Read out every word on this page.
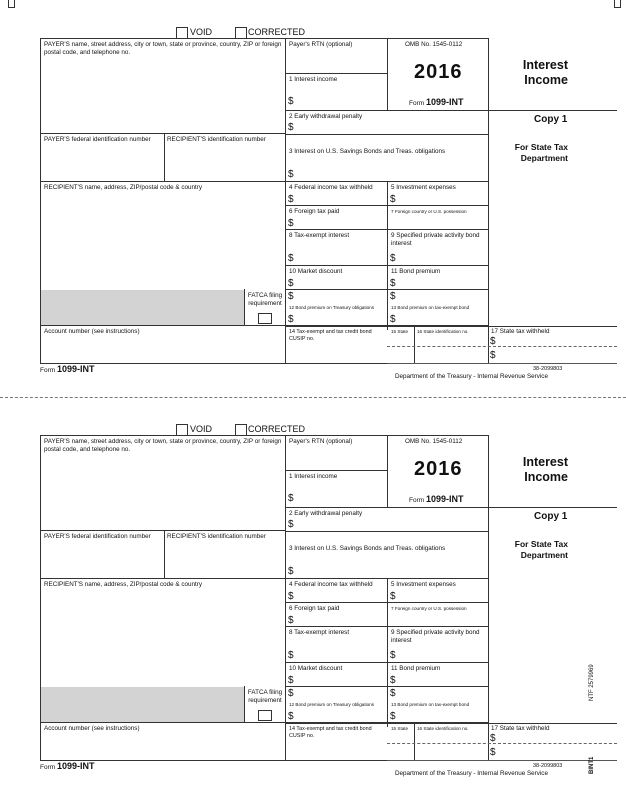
VOID	CORRECTED
PAYER'S name, street address, city or town, state or province, country, ZIP or foreign postal code, and telephone no.
Payer's RTN (optional)
1 Interest income
$
OMB No. 1545-0112
2016
Form 1099-INT
Interest Income
Copy 1
For State Tax Department
2 Early withdrawal penalty
$
3 Interest on U.S. Savings Bonds and Treas. obligations
$
PAYER'S federal identification number	RECIPIENT'S identification number
RECIPIENT'S name, address, ZIP/postal code & country	4 Federal income tax withheld
$
5 Investment expenses
$
6 Foreign tax paid
$
7 Foreign country or U.S. possession
8 Tax-exempt interest
$
9 Specified private activity bond interest
$
10 Market discount
$
11 Bond premium
$
$	$
12 Bond premium on Treasury obligations
$
13 Bond premium on tax-exempt bond
$
FATCA filing requirement
Account number (see instructions)	14 Tax-exempt and tax credit bond CUSIP no.
15 State 16 State identification no.	17 State tax withheld
$
$
Form 1099-INT	38-2099803
Department of the Treasury - Internal Revenue Service
VOID	CORRECTED
PAYER'S name, street address, city or town, state or province, country, ZIP or foreign postal code, and telephone no.
Payer's RTN (optional)
1 Interest income
$
OMB No. 1545-0112
2016
Form 1099-INT
Interest Income
Copy 1
For State Tax Department
2 Early withdrawal penalty
$
3 Interest on U.S. Savings Bonds and Treas. obligations
$
PAYER'S federal identification number	RECIPIENT'S identification number
RECIPIENT'S name, address, ZIP/postal code & country	4 Federal income tax withheld
$
5 Investment expenses
$
6 Foreign tax paid
$
7 Foreign country or U.S. possession
8 Tax-exempt interest
$
9 Specified private activity bond interest
$
10 Market discount
$
11 Bond premium
$
$	$
12 Bond premium on Treasury obligations
$
13 Bond premium on tax-exempt bond
$
FATCA filing requirement
Account number (see instructions)	14 Tax-exempt and tax credit bond CUSIP no.
15 State 16 State identification no.	17 State tax withheld
$
$
Form 1099-INT	38-2099803
Department of the Treasury - Internal Revenue Service
NTF 2579969
BINT1
